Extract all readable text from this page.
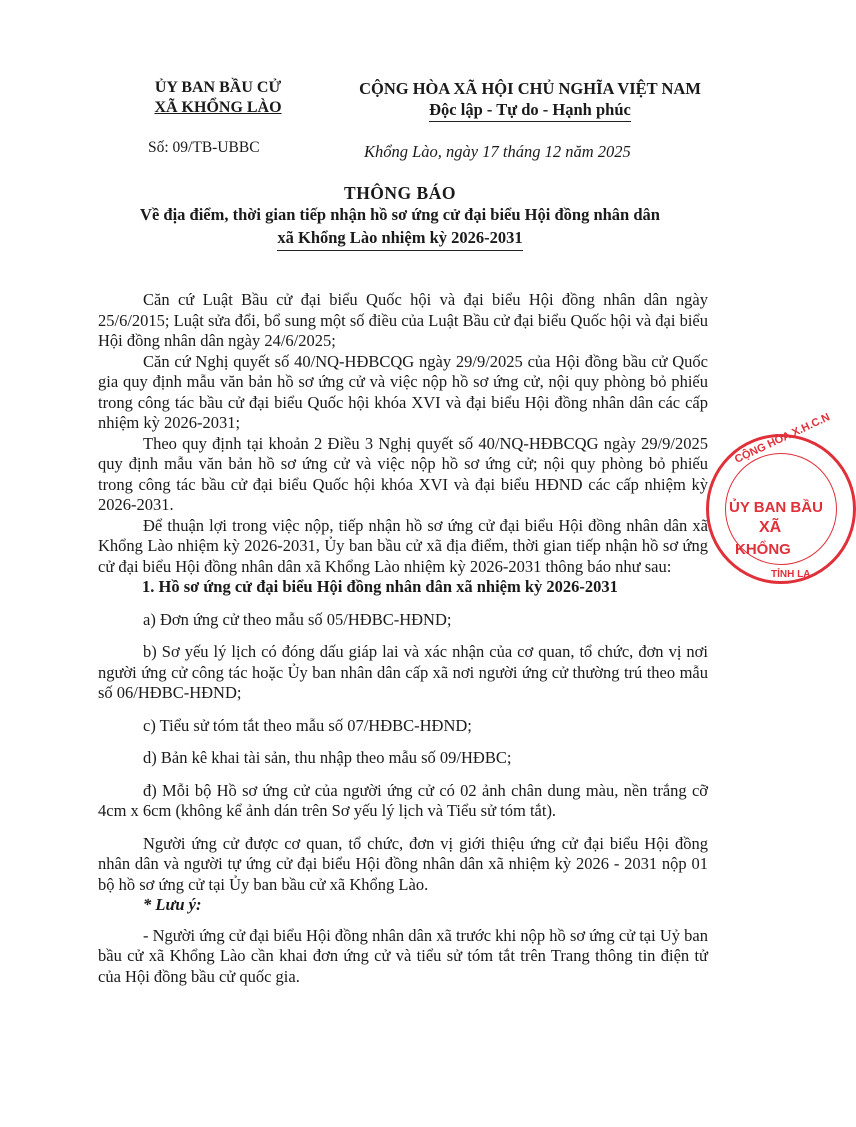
ỦY BAN BẦU CỬ
XÃ KHỔNG LÀO
CỘNG HÒA XÃ HỘI CHỦ NGHĨA VIỆT NAM
Độc lập - Tự do - Hạnh phúc
Số: 09/TB-UBBC	Khổng Lào, ngày 17 tháng 12 năm 2025
THÔNG BÁO
Về địa điểm, thời gian tiếp nhận hồ sơ ứng cử đại biểu Hội đồng nhân dân
xã Khổng Lào nhiệm kỳ 2026-2031

Căn cứ Luật Bầu cử đại biểu Quốc hội và đại biểu Hội đồng nhân dân ngày 25/6/2015; Luật sửa đổi, bổ sung một số điều của Luật Bầu cử đại biểu Quốc hội và đại biểu Hội đồng nhân dân ngày 24/6/2025;

Căn cứ Nghị quyết số 40/NQ-HĐBCQG ngày 29/9/2025 của Hội đồng bầu cử Quốc gia quy định mẫu văn bản hồ sơ ứng cử và việc nộp hồ sơ ứng cử, nội quy phòng bỏ phiếu trong công tác bầu cử đại biểu Quốc hội khóa XVI và đại biểu Hội đồng nhân dân các cấp nhiệm kỳ 2026-2031;

Theo quy định tại khoản 2 Điều 3 Nghị quyết số 40/NQ-HĐBCQG ngày 29/9/2025 quy định mẫu văn bản hồ sơ ứng cử và việc nộp hồ sơ ứng cử; nội quy phòng bỏ phiếu trong công tác bầu cử đại biểu Quốc hội khóa XVI và đại biểu HĐND các cấp nhiệm kỳ 2026-2031.

Để thuận lợi trong việc nộp, tiếp nhận hồ sơ ứng cử đại biểu Hội đồng nhân dân xã Khổng Lào nhiệm kỳ 2026-2031, Ủy ban bầu cử xã địa điểm, thời gian tiếp nhận hồ sơ ứng cử đại biểu Hội đồng nhân dân xã Khổng Lào nhiệm kỳ 2026-2031 thông báo như sau:

1. Hồ sơ ứng cử đại biểu Hội đồng nhân dân xã nhiệm kỳ 2026-2031

a) Đơn ứng cử theo mẫu số 05/HĐBC-HĐND;

b) Sơ yếu lý lịch có đóng dấu giáp lai và xác nhận của cơ quan, tổ chức, đơn vị nơi người ứng cử công tác hoặc Ủy ban nhân dân cấp xã nơi người ứng cử thường trú theo mẫu số 06/HĐBC-HĐND;

c) Tiểu sử tóm tắt theo mẫu số 07/HĐBC-HĐND;

d) Bản kê khai tài sản, thu nhập theo mẫu số 09/HĐBC;

đ) Mỗi bộ Hồ sơ ứng cử của người ứng cử có 02 ảnh chân dung màu, nền trắng cỡ 4cm x 6cm (không kể ảnh dán trên Sơ yếu lý lịch và Tiểu sử tóm tắt).

Người ứng cử được cơ quan, tổ chức, đơn vị giới thiệu ứng cử đại biểu Hội đồng nhân dân và người tự ứng cử đại biểu Hội đồng nhân dân xã nhiệm kỳ 2026 - 2031 nộp 01 bộ hồ sơ ứng cử tại Ủy ban bầu cử xã Khổng Lào.

* Lưu ý:

- Người ứng cử đại biểu Hội đồng nhân dân xã trước khi nộp hồ sơ ứng cử tại Uỷ ban bầu cử xã Khổng Lào cần khai đơn ứng cử và tiểu sử tóm tắt trên Trang thông tin điện tử của Hội đồng bầu cử quốc gia.

CỘNG HÒA X.H.C.N
ỦY BAN BẦU
XÃ
KHỔNG
TỈNH LA
